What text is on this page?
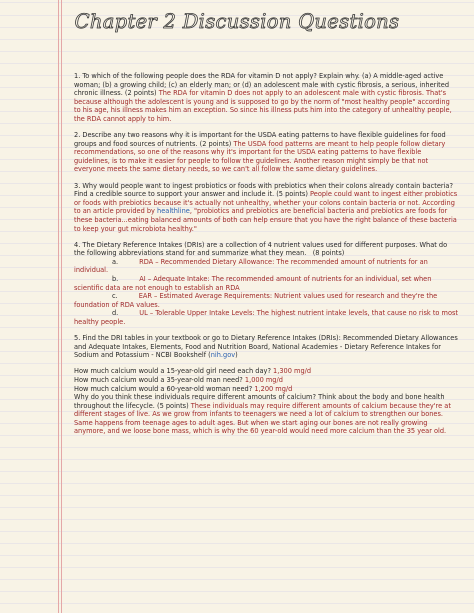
Chapter 2 Discussion Questions

1. To which of the following people does the RDA for vitamin D not apply? Explain why. (a) A middle-aged active woman; (b) a growing child; (c) an elderly man; or (d) an adolescent male with cystic fibrosis, a serious, inherited chronic illness. (2 points) The RDA for vitamin D does not apply to an adolescent male with cystic fibrosis. That's because although the adolescent is young and is supposed to go by the norm of "most healthy people" according to his age, his illness makes him an exception. So since his illness puts him into the category of unhealthy people, the RDA cannot apply to him.

2. Describe any two reasons why it is important for the USDA eating patterns to have flexible guidelines for food groups and food sources of nutrients. (2 points) The USDA food patterns are meant to help people follow dietary recommendations, so one of the reasons why it's important for the USDA eating patterns to have flexible guidelines, is to make it easier for people to follow the guidelines. Another reason might simply be that not everyone meets the same dietary needs, so we can't all follow the same dietary guidelines.

3. Why would people want to ingest probiotics or foods with prebiotics when their colons already contain bacteria? Find a credible source to support your answer and include it. (5 points) People could want to ingest either probiotics or foods with prebiotics because it's actually not unhealthy, whether your colons contain bacteria or not. According to an article provided by healthline, "probiotics and prebiotics are beneficial bacteria and prebiotics are foods for these bacteria...eating balanced amounts of both can help ensure that you have the right balance of these bacteria to keep your gut microbiota healthy."

4. The Dietary Reference Intakes (DRIs) are a collection of 4 nutrient values used for different purposes. What do the following abbreviations stand for and summarize what they mean. (8 points)
a.	RDA – Recommended Dietary Allowance: The recommended amount of nutrients for an individual.
b.	AI – Adequate Intake: The recommended amount of nutrients for an individual, set when scientific data are not enough to establish an RDA
c.	EAR – Estimated Average Requirements: Nutrient values used for research and they're the foundation of RDA values.
d.	UL – Tolerable Upper Intake Levels: The highest nutrient intake levels, that cause no risk to most healthy people.

5. Find the DRI tables in your textbook or go to Dietary Reference Intakes (DRIs): Recommended Dietary Allowances and Adequate Intakes, Elements, Food and Nutrition Board, National Academies - Dietary Reference Intakes for Sodium and Potassium - NCBI Bookshelf (nih.gov)

How much calcium would a 15-year-old girl need each day? 1,300 mg/d
How much calcium would a 35-year-old man need? 1,000 mg/d
How much calcium would a 60-year-old woman need? 1,200 mg/d
Why do you think these individuals require different amounts of calcium? Think about the body and bone health throughout the lifecycle. (5 points) These individuals may require different amounts of calcium because they're at different stages of live. As we grow from infants to teenagers we need a lot of calcium to strengthen our bones. Same happens from teenage ages to adult ages. But when we start aging our bones are not really growing anymore, and we loose bone mass, which is why the 60 year-old would need more calcium than the 35 year old.
